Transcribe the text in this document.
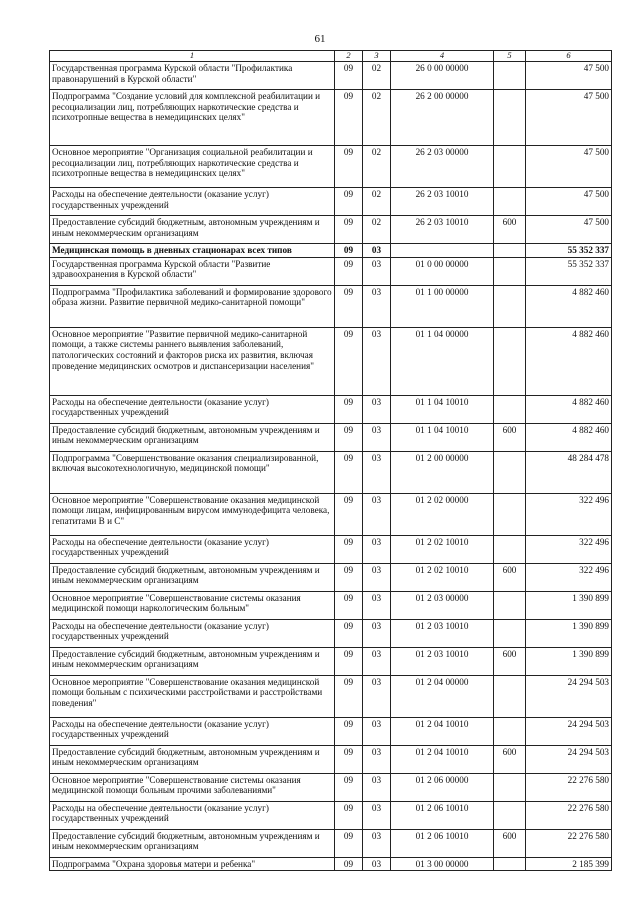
61
1	2	3	4	5	6
Государственная программа Курской области "Профилактика правонарушений в Курской области"	09	02	26 0 00 00000		47 500
Подпрограмма "Создание условий для комплексной реабилитации и ресоциализации лиц, потребляющих наркотические средства и психотропные вещества в немедицинских целях"	09	02	26 2 00 00000		47 500
Основное мероприятие "Организация социальной реабилитации и ресоциализации лиц, потребляющих наркотические средства и психотропные вещества в немедицинских целях"	09	02	26 2 03 00000		47 500
Расходы на обеспечение деятельности (оказание услуг) государственных учреждений	09	02	26 2 03 10010		47 500
Предоставление субсидий бюджетным, автономным учреждениям и иным некоммерческим организациям	09	02	26 2 03 10010	600	47 500
Медицинская помощь в дневных стационарах всех типов	09	03			55 352 337
Государственная программа Курской области "Развитие здравоохранения в Курской области"	09	03	01 0 00 00000		55 352 337
Подпрограмма "Профилактика заболеваний и формирование здорового образа жизни. Развитие первичной медико-санитарной помощи"	09	03	01 1 00 00000		4 882 460
Основное мероприятие "Развитие первичной медико-санитарной помощи, а также системы раннего выявления заболеваний, патологических состояний и факторов риска их развития, включая проведение медицинских осмотров и диспансеризации населения"	09	03	01 1 04 00000		4 882 460
Расходы на обеспечение деятельности (оказание услуг) государственных учреждений	09	03	01 1 04 10010		4 882 460
Предоставление субсидий бюджетным, автономным учреждениям и иным некоммерческим организациям	09	03	01 1 04 10010	600	4 882 460
Подпрограмма "Совершенствование оказания специализированной, включая высокотехнологичную, медицинской помощи"	09	03	01 2 00 00000		48 284 478
Основное мероприятие "Совершенствование оказания медицинской помощи лицам, инфицированным вирусом иммунодефицита человека, гепатитами В и С"	09	03	01 2 02 00000		322 496
Расходы на обеспечение деятельности (оказание услуг) государственных учреждений	09	03	01 2 02 10010		322 496
Предоставление субсидий бюджетным, автономным учреждениям и иным некоммерческим организациям	09	03	01 2 02 10010	600	322 496
Основное мероприятие "Совершенствование системы оказания медицинской помощи наркологическим больным"	09	03	01 2 03 00000		1 390 899
Расходы на обеспечение деятельности (оказание услуг) государственных учреждений	09	03	01 2 03 10010		1 390 899
Предоставление субсидий бюджетным, автономным учреждениям и иным некоммерческим организациям	09	03	01 2 03 10010	600	1 390 899
Основное мероприятие "Совершенствование оказания медицинской помощи больным с психическими расстройствами и расстройствами поведения"	09	03	01 2 04 00000		24 294 503
Расходы на обеспечение деятельности (оказание услуг) государственных учреждений	09	03	01 2 04 10010		24 294 503
Предоставление субсидий бюджетным, автономным учреждениям и иным некоммерческим организациям	09	03	01 2 04 10010	600	24 294 503
Основное мероприятие "Совершенствование системы оказания медицинской помощи больным прочими заболеваниями"	09	03	01 2 06 00000		22 276 580
Расходы на обеспечение деятельности (оказание услуг) государственных учреждений	09	03	01 2 06 10010		22 276 580
Предоставление субсидий бюджетным, автономным учреждениям и иным некоммерческим организациям	09	03	01 2 06 10010	600	22 276 580
Подпрограмма "Охрана здоровья матери и ребенка"	09	03	01 3 00 00000		2 185 399
